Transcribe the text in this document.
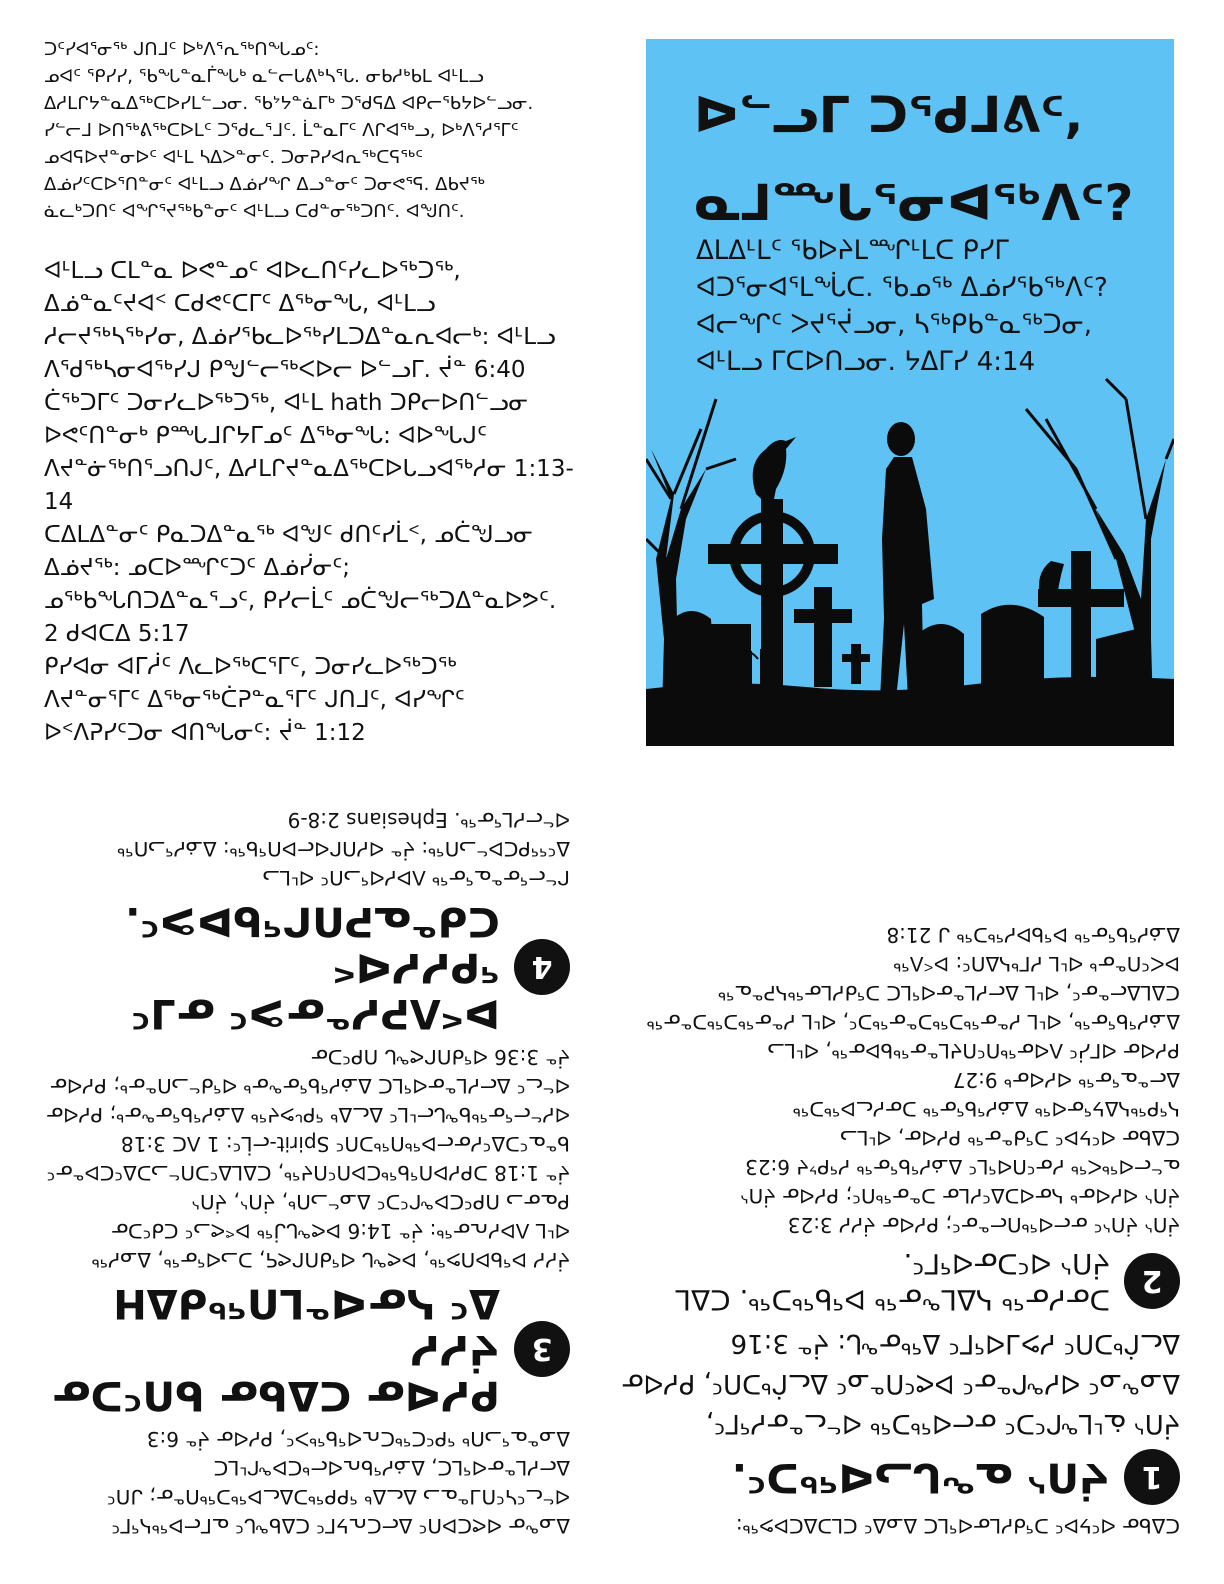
ᑐᑦᓯᐊᕐᓂᖅ ᒍᑎᒧᑦ ᐅᒃᐱᕐᕆᖅᑎᖓᓄᑦ:
ᓄᐊᑦ ᕿᓯᓯ, ᖃᖓᓐᓇᒦᖓᒃ ᓇᓪᓕᒐᕕᒃᓴᕐᒐ. ᓂᑲᓱᒃᑲᒪ ᐊᒻᒪᓗ
ᐃᓱᒪᒋᔭᓐᓇᐃᖅᑕᐅᓯᒪᓪᓗᓂ. ᖃᔾᔭᓐᓈᒥᒃ ᑐᖁᕋᐃ ᐊᑭᓕᖃᔭᐅᓪᓗᓂ.
ᓯᓪᓕᒧ ᐅᑎᖅᕕᖅᑕᐅᒪᑦ ᑐᖁᓚᕐᒧᑦ. ᒫᓐᓇᒥᑦ ᐱᒋᐊᖅᓗ, ᐅᒃᐱᕐᓱᕐᒥᑦ
ᓄᐊᕋᐅᔪᓐᓂᐅᑦ ᐊᒻᒪ ᓴᐃᐳᓐᓂᑦ. ᑐᓂᕈᓯᐊᕆᖅᑕᕋᖅᑦ
ᐃᓅᓯᑦᑕᐅᕐᑎᓐᓂᑦ ᐊᒻᒪᓗ ᐃᓅᓯᖏ ᐃᓗᓐᓂᑦ ᑐᓂᕙᕐᕋ. ᐃᑲᔪᕐᒃ
ᓈᓚᒃᑐᑎᑦ ᐊᖏᕐᔪᖅᑲᓐᓂᑦ ᐊᒻᒪᓗ ᑕᑯᓐᓂᖅᑐᑎᑦ. ᐊᖑᑎᑦ.
ᐊᒻᒪᓗ ᑕᒪᓐᓇ ᐅᕙᓐᓄᑦ ᐊᐅᓚᑎᑦᓯᓚᐅᖅᑐᖅ,
ᐃᓅᓐᓇᑦᔪᐊᑉ ᑕᑯᕙᑦᑕᒥᑦ ᐃᖅᓂᖓ, ᐊᒻᒪᓗ
ᓱᓕᔪᖅᓴᖅᓯᓂ, ᐃᓅᓯᖃᓚᐅᖅᓯᒪᑐᐃᓐᓇᕆᐊᓕᒃ: ᐊᒻᒪᓗ
ᐱᖁᖅᓴᓂᐊᖅᓯᒍ ᑭᖑᓪᓕᖅᐸᐅᓕ ᐅᓪᓗᒥ. ᔫᓐ 6:40
ᑖᖅᑐᒥᑦ ᑐᓂᓯᓚᐅᖅᑐᖅ, ᐊᒻᒪ hath ᑐᑭᓕᐅᑎᓪᓗᓂ
ᐅᕙᑦᑎᓐᓂᒃ ᑭᙵᒧᒋᔭᒥᓄᑦ ᐃᖅᓂᖓ: ᐊᐅᖓᒍᑦ
ᐱᔪᓐᓃᖅᑎᕐᓗᑎᒍᑦ, ᐃᓱᒪᒋᔪᓐᓇᐃᖅᑕᐅᒐᓗᐊᖅᓱᓂ 1:13-
14
ᑕᐃᒪᐃᓐᓂᑦ ᑭᓇᑐᐃᓐᓇᖅ ᐊᖑᑦ ᑯᑎᑦᓯᒫᑉ, ᓄᑖᖑᓗᓂ
ᐃᓅᔪᖅ: ᓄᑕᐅᙱᑦᑐᑦ ᐃᓅᓰᓂᑦ;
ᓄᖅᑲᖓᑎᑐᐃᓐᓇᕐᓗᑦ, ᑭᓯᓕᒫᑦ ᓄᑖᖑᓕᖅᑐᐃᓐᓇᐅᕗᑦ.
2 ᑯᐊᑕᐃ 5:17
ᑭᓯᐊᓂ ᐊᒥᓲᑦ ᐱᓚᐅᖅᑕᕐᒥᑦ, ᑐᓂᓯᓚᐅᖅᑐᖅ
ᐱᔪᓐᓂᕐᒥᑦ ᐃᖅᓂᖅᑖᕈᓐᓇᕐᒥᑦ ᒍᑎᒧᑦ, ᐊᓯᖏᑦ
ᐅᑉᐱᕈᓯᑦᑐᓂ ᐊᑎᖓᓂᑦ: ᔫᓐ 1:12
ᐅᓪᓗᒥ ᑐᖁᒧᕕᑦ,
ᓇᒧᙵᕐᓂᐊᖅᐱᑦ?
ᐃᒪᐃᒻᒪᑦ ᖃᐅᔨᒪᙱᒻᒪᑕ ᑭᓯᒥ
ᐊᑐᕐᓂᐊᕐᒪᖔᑕ. ᖃᓄᖅ ᐃᓅᓯᖃᖅᐱᑦ?
ᐊᓕᖏᑦ ᐳᔪᕐᔫᓗᓂ, ᓴᖅᑭᑲᓐᓇᖅᑐᓂ,
ᐊᒻᒪᓗ ᒥᑕᐅᑎᓗᓂ. ᔭᐃᒥᓯ 4:14
ᐃᓄᖕᓂ ᐊᕙᑕᐅᑎᑦ ᐃᓕᑕᕆᔭᒥᑦ ᑕᐃᑲᖓᑦ ᓇᒥᓕᐅᖅᓴᕐᒥᑦ
ᐊᓪᓚᑦᓭᑦᑎᒧᓐᓇᓗ ᐃᓚᐃᒃ ᕿᑭᖅᑐᐃᓚᐅᖅᑐᖅᑎᓐᓂ; ᒍᑎᑦ
ᐃᓕᓯᒪᓐᓂᐊᕐᒪᑕ, ᐃᓅᓯᖃᕆᐊᓕᒃᑕᐅᖏᒻᒪᑕ
ᐃᓄᓐᓇᕐᓗᑎᒃ ᕿᑦᑕᖅᑕᕆᐊᖃᖅᐳᑦ, ᑭᓯᐊᓂ ᔫᓐ 6:3
3
ᑭᓯᐊᓂ ᑕᐃᑲᓂ ᑲᑎᑦᑐᓂ ᔫᓯᓯ
ᐃᑦ ᓴᓂᐊᓐᒪᑎᖅᑯᐃᕼ
ᔫᓯᓯ ᐅᖃᐅᑎᕗᖅ, ᐅᕙᖓ ᐊᖁᑎᒋᕙᕋ, ᑐᓗᐊᕐᓂᖅ, ᐃᓄᓯᖅ
ᐊᒻᒪ ᐱᐅᓯᕆᓂᖅ: ᔫᓐ 14:6 ᐅᕙᖓᒎᖅ ᐅᕝᕙᓗᑦ ᑕᑯᑦᑐᓂ
ᑭᓇᓂᓗ ᑎᑭᑦᑕᐅᖏᑦᑐᑦ ᐃᓄᓪᓗᑎᒃ, ᔫᑎᔅ, ᔫᑎᔅ
ᔫᓐ 1:18 ᑐᑭᓯᐅᑎᖃᖅᑕᐅᑎᑦᑎᔪᖅ, ᑕᐃᒪᐃᑦᑐᑎᓪᓗᑐᐃᑦᑕᐅᓐᓂᑦ
ᑲᓐᓇᑦᑐᐃᑦᓯᓂᓕᐅᖅᑎᖅᑐᑎᑦ Spirit-ᓕᒫᑦ: 1 ᐱᑕ 3:18
ᐊᓯᓪᓕᕐᓂᖅᑲᖓᓕᒻᒪᑦ ᐃᓚᐃᒃ ᕿᒡᕗᔪᖅ ᐃᓅᓯᖃᕐᓂᖕᓂᒃ; ᑭᓯᐊᓂ
ᐊᓪᓚᑦ ᐃᓕᓯᒪᓐᓂᐊᕐᒪᑕ ᐃᓅᓯᖃᕐᓂᖕᓂᒃ ᐊᖁᓪᓗᑎᓐᓂᒃ; ᑭᓯᐊᓂ
ᔫᓐ 3:36 ᐊᖁᑎᒋᕙᖓ ᑎᑭᑦᑐᓂ
4
ᐅᑉᐱᕈᓯᓐᓂᕗᑦ ᓂᒧᑦ ᕿᓯᓯᐊᑉ
ᑕᑯᓐᓇᕈᑎᒋᖃᐅᕗᑦ.
ᒋᓪᓕᕐᓂᓐᓇᕐᓂᖅ ᐱᐅᓯᐊᕐᓗᑎᑦ ᐊᒻᒪᓗ
ᐃᑦᕐᕿᑕᐅᓪᓗᑎᖅ: ᔫᓐ ᐊᓯᑎᒋᐊᓕᐅᑎᖃᖅ: ᐃᓅᓯᕐᓗᑎᖅ
ᐊᓪᓕᓯᒪᕐᓂᖅ. Ephesians 2:8-9
ᑕᐃᑲᓂ ᐊᑦᔭᐅᑦ ᑐᖁᓯᒪᓂᐊᕐᒪᑕ ᐃᓄᐃᑦ ᑕᒪᑐᐃᑕᐅᕗᖅ:
1
ᔫᑎᔅ ᓇᖕᒐᓗᐊᖅᑐᑦ.
ᔫᑎᔅ ᓈᒻᒪᖏᑦᑐᑦ ᓂᓕᐊᖅᑐᖅ ᐊᓪᓚᓐᓂᓯᕐᒥᑦ,
ᐃᓄᖕᓄᑦ ᐊᓯᖏᓐᓂᑦ ᐅᕙᑦᑎᓐᓄᑦ ᐃᓚᒌᒃᑐᑎᑦ, ᑭᓯᐊᓂ
ᐃᓚᒌᒃᑐᑎᑦ ᓯᕗᒧᐊᕐᒥᑦ ᐃᖅᓂᖓ: ᔫᓐ 3:16
2
ᑐᓂᓯᓂᖅ ᓴᐃᒪᖕᓂᖅ ᐅᖃᖅᑐᖅ. ᑕᐃᒪ
ᔫᑎᔅ ᐊᑦᑐᓂᐊᕐᒥᑦ.
ᔫᑎᔅ ᔫᑎᔅᑦ ᓂᓕᐊᖅᑎᓕᓐᓂᑦ; ᑭᓯᐊᓂ ᔫᓯᓯ 3:23
ᔫᑎᔅ ᐊᓯᐊᓂᒃ ᓴᓂᐊᑐᐃᑦᓯᒪᓂ ᑐᓐᓂᖅᑎᑦ; ᑭᓯᐊᓂ ᔫᑎᔅ
ᓇᓪᓕᐊᖅᐸᖅ ᓯᓂᑦᑎᐊᕐᒪᑦ ᐃᓅᓯᖃᕐᓂᖅ ᓯᕿᔾᔪ 6:23
ᑕᐃᑲᓂ ᐊᑦᔭᐅᑦ ᑐᖁᓐᓂᖅ ᑭᓯᐊᓂ, ᐊᒻᒪᓗ
ᓴᕿᖅᓴᐃᔭᕐᓂᐊᖅ ᐃᓅᓯᖃᕐᓂᖅ ᑐᓂᓯᓚᐅᖅᑐᖅ
ᐃᓕᓐᓇᕐᓂᖅ ᐊᓯᐊᓂᒃ 9:27
ᑭᓯᐊᓂ ᐊᒥᓲᑦ ᐱᐊᓂᖅᑎᑦᑎᔪᒪᓐᓂᖅᑲᐅᓂᖅ, ᐊᒻᒪᓗ
ᐃᓅᓯᖃᕐᓂᖅ, ᐊᒻᒪ ᓯᓐᓂᖅᑐᖅᑐᓐᓂᖅᑐᑦ, ᐊᒻᒪ ᓯᓐᓂᖅᑐᖅᑐᓐᓂᖅ
ᑕᐃᒪᐃᓕᓐᓂᑦ, ᐊᒻᒪ ᐃᓕᓯᒪᓐᓂᐊᕐᒪᑕ ᑐᖁᓯᒪᓂᖅᓴᕈᓐᓇᖅ
ᐅᐸᑦᑎᓐᓂᒃ ᐊᒻᒪ ᓯᒥᒃᓴᐃᑎᑦ: ᐅᑉᐱᖅ
ᐃᓅᓯᖃᕐᓂᖅ ᐅᖃᐅᓯᖅᑐᖅ ᒍ 21:8
